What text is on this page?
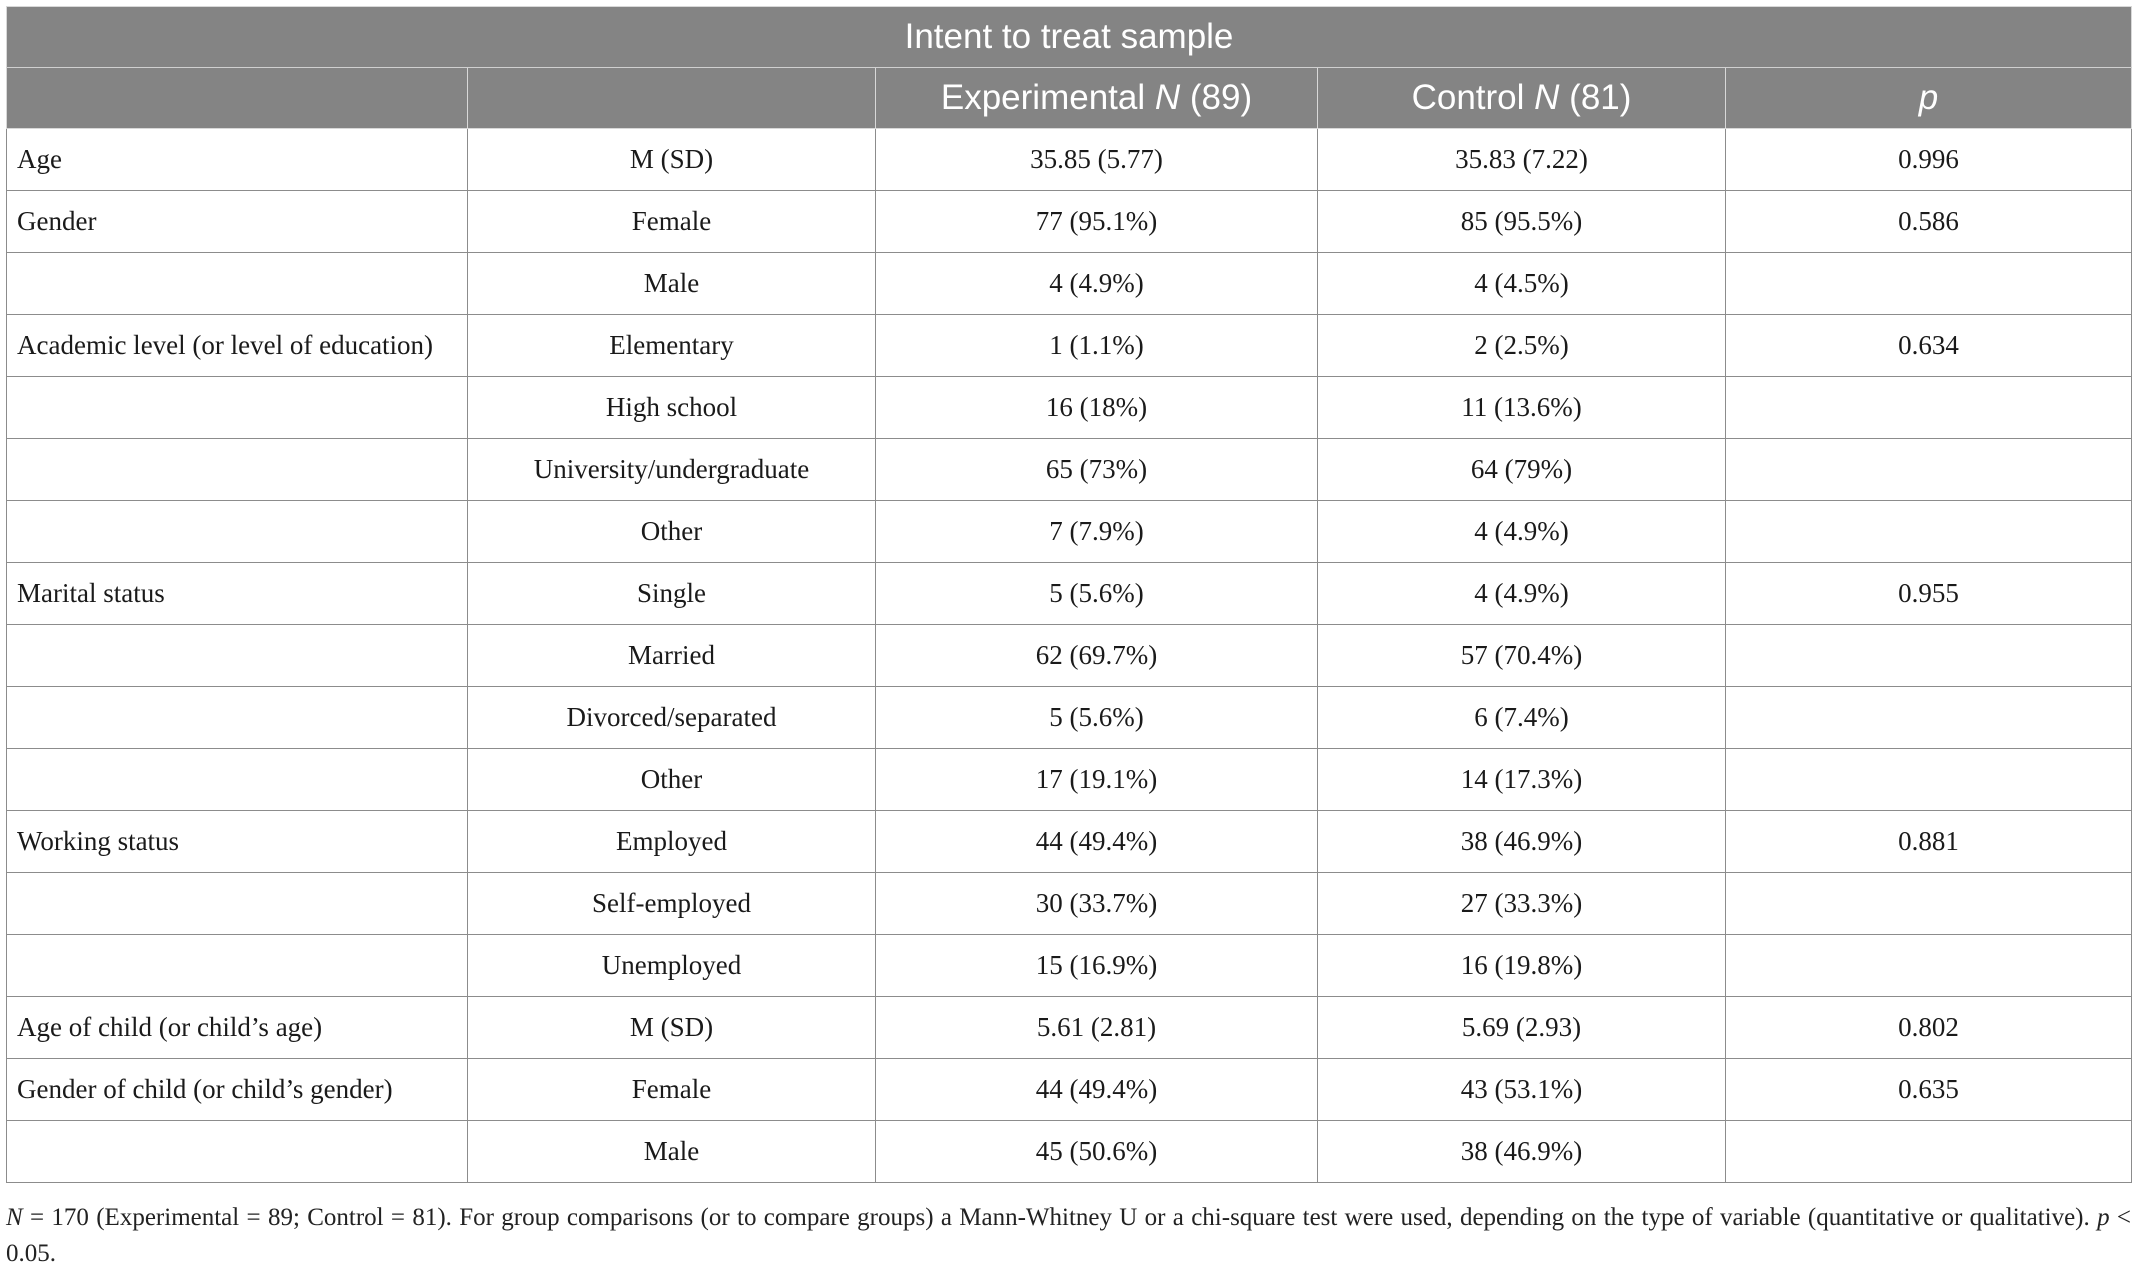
Intent to treat sample				
		Experimental N (89)	Control N (81)	p
Age	M (SD)	35.85 (5.77)	35.83 (7.22)	0.996
Gender	Female	77 (95.1%)	85 (95.5%)	0.586
	Male	4 (4.9%)	4 (4.5%)	
Academic level (or level of education)	Elementary	1 (1.1%)	2 (2.5%)	0.634
	High school	16 (18%)	11 (13.6%)	
	University/undergraduate	65 (73%)	64 (79%)	
	Other	7 (7.9%)	4 (4.9%)	
Marital status	Single	5 (5.6%)	4 (4.9%)	0.955
	Married	62 (69.7%)	57 (70.4%)	
	Divorced/separated	5 (5.6%)	6 (7.4%)	
	Other	17 (19.1%)	14 (17.3%)	
Working status	Employed	44 (49.4%)	38 (46.9%)	0.881
	Self-employed	30 (33.7%)	27 (33.3%)	
	Unemployed	15 (16.9%)	16 (19.8%)	
Age of child (or child’s age)	M (SD)	5.61 (2.81)	5.69 (2.93)	0.802
Gender of child (or child’s gender)	Female	44 (49.4%)	43 (53.1%)	0.635
	Male	45 (50.6%)	38 (46.9%)	
N = 170 (Experimental = 89; Control = 81). For group comparisons (or to compare groups) a Mann-Whitney U or a chi-square test were used, depending on the type of variable (quantitative or qualitative). p < 0.05.
